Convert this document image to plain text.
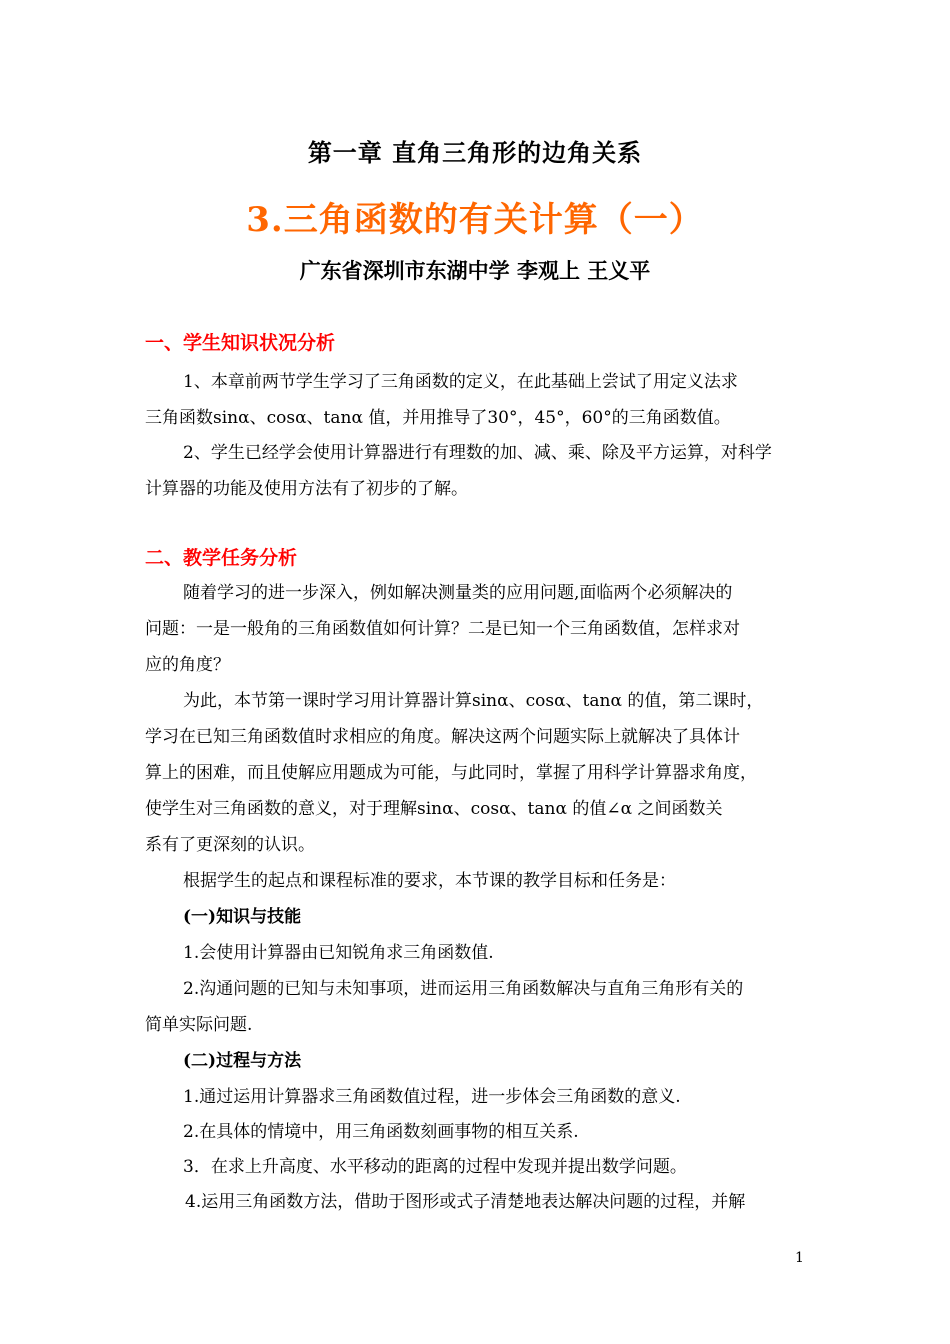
第一章 直角三角形的边角关系
3.三角函数的有关计算（一）
广东省深圳市东湖中学 李观上 王义平
一、学生知识状况分析
1、本章前两节学生学习了三角函数的定义，在此基础上尝试了用定义法求
三角函数sinα、cosα、tanα 值，并用推导了30°，45°，60°的三角函数值。
2、学生已经学会使用计算器进行有理数的加、减、乘、除及平方运算，对科学
计算器的功能及使用方法有了初步的了解。
二、教学任务分析
随着学习的进一步深入，例如解决测量类的应用问题,面临两个必须解决的
问题：一是一般角的三角函数值如何计算？二是已知一个三角函数值，怎样求对
应的角度？
为此，本节第一课时学习用计算器计算sinα、cosα、tanα 的值，第二课时，
学习在已知三角函数值时求相应的角度。解决这两个问题实际上就解决了具体计
算上的困难，而且使解应用题成为可能，与此同时，掌握了用科学计算器求角度，
使学生对三角函数的意义，对于理解sinα、cosα、tanα 的值∠α 之间函数关
系有了更深刻的认识。
根据学生的起点和课程标准的要求，本节课的教学目标和任务是：
(一)知识与技能
1.会使用计算器由已知锐角求三角函数值.
2.沟通问题的已知与未知事项，进而运用三角函数解决与直角三角形有关的
简单实际问题.
(二)过程与方法
1.通过运用计算器求三角函数值过程，进一步体会三角函数的意义.
2.在具体的情境中，用三角函数刻画事物的相互关系.
3．在求上升高度、水平移动的距离的过程中发现并提出数学问题。
4.运用三角函数方法，借助于图形或式子清楚地表达解决问题的过程，并解
1
